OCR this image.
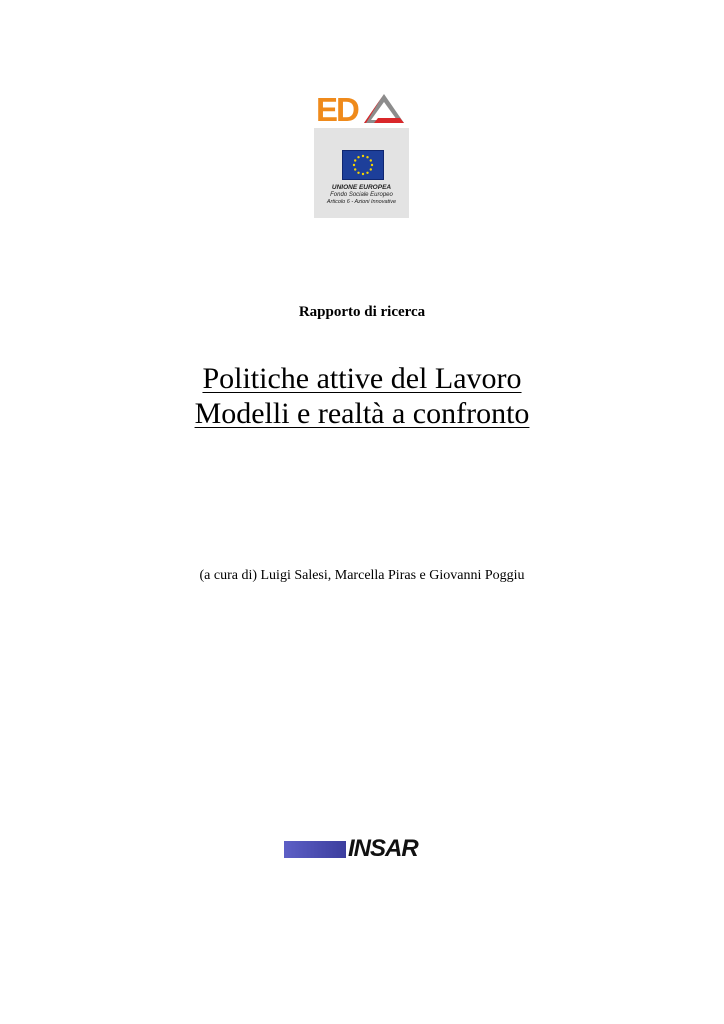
ED
UNIONE EUROPEA
Fondo Sociale Europeo
Articolo 6 - Azioni Innovative
Rapporto di ricerca
Politiche attive del Lavoro
Modelli e realtà a confronto
(a cura di) Luigi Salesi, Marcella Piras e Giovanni Poggiu
INSAR
